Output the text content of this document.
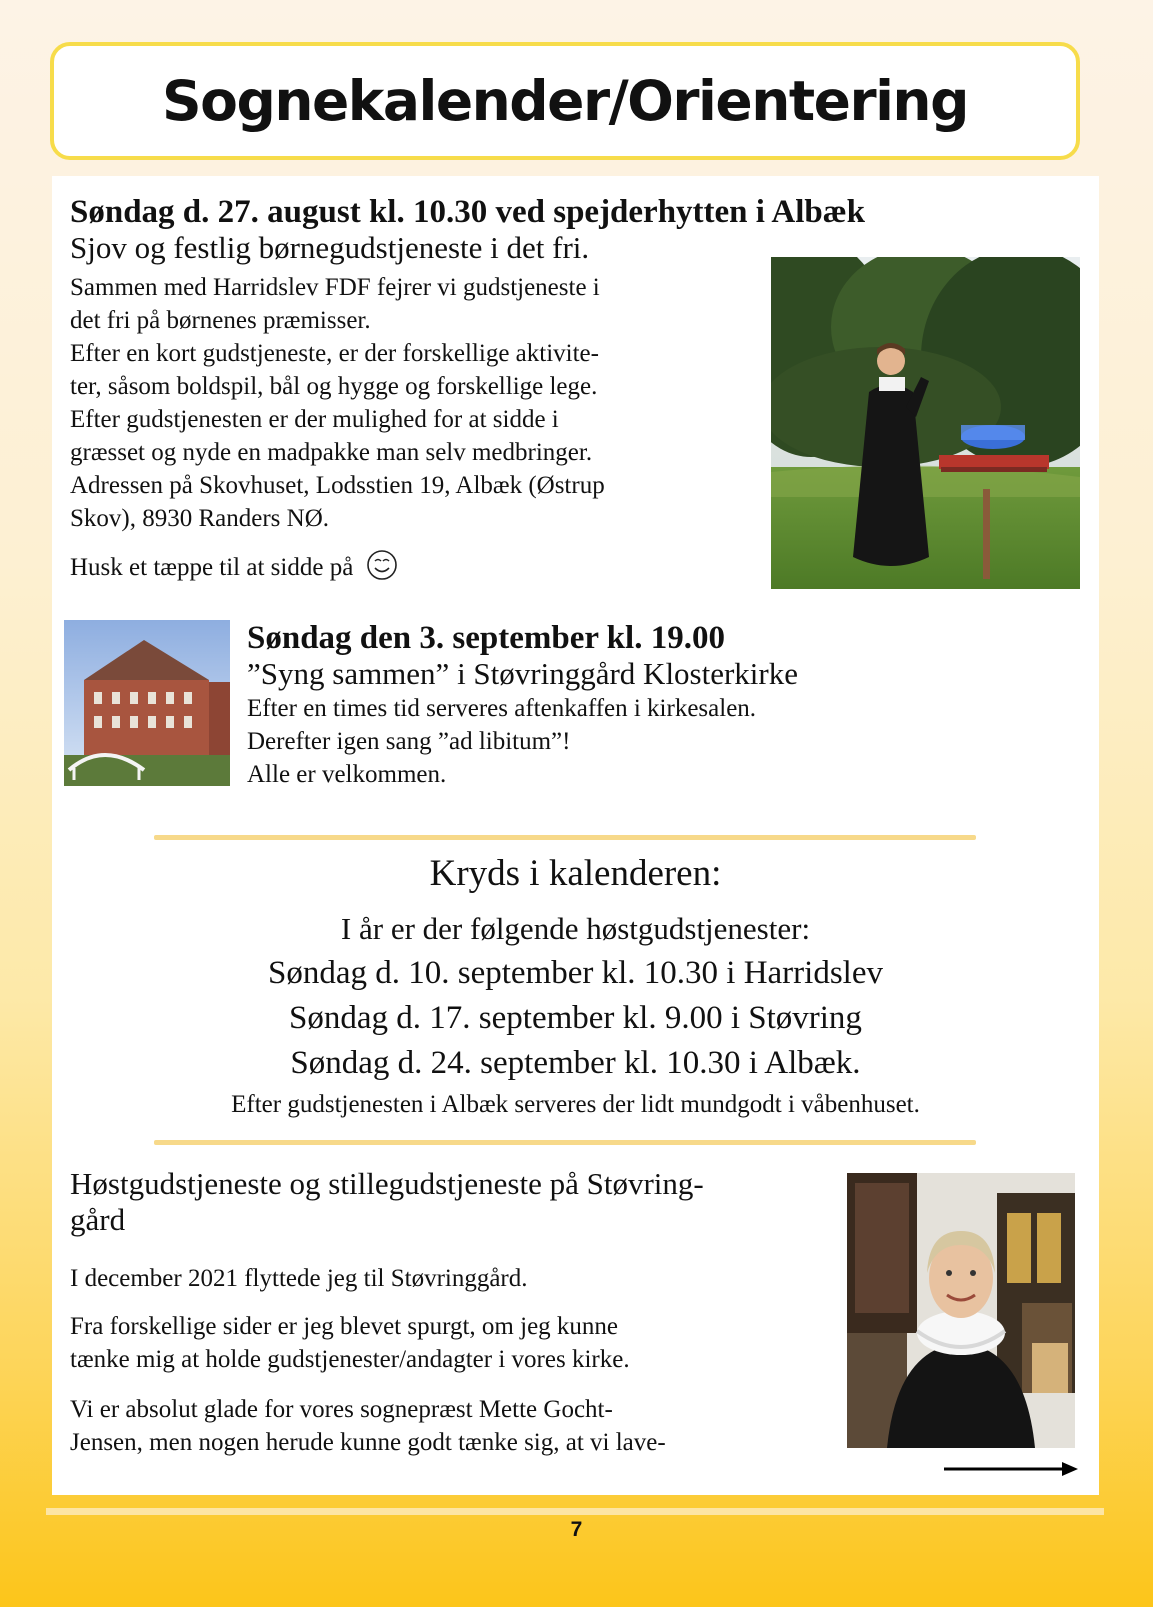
Sognekalender/Orientering
Søndag d. 27. august kl. 10.30 ved spejderhytten i Albæk
Sjov og festlig børnegudstjeneste i det fri.
Sammen med Harridslev FDF fejrer vi gudstjeneste i
det fri på børnenes præmisser.
Efter en kort gudstjeneste, er der forskellige aktivite-
ter, såsom boldspil, bål og hygge og forskellige lege.
Efter gudstjenesten er der mulighed for at sidde i
græsset og nyde en madpakke man selv medbringer.
Adressen på Skovhuset, Lodsstien 19, Albæk (Østrup
Skov), 8930 Randers NØ.
Husk et tæppe til at sidde på
Søndag den 3. september kl. 19.00
”Syng sammen” i Støvringgård Klosterkirke
Efter en times tid serveres aftenkaffen i kirkesalen.
Derefter igen sang ”ad libitum”!
Alle er velkommen.
Kryds i kalenderen:
I år er der følgende høstgudstjenester:
Søndag d. 10. september kl. 10.30 i Harridslev
Søndag d. 17. september kl. 9.00 i Støvring
Søndag d. 24. september kl. 10.30 i Albæk.
Efter gudstjenesten i Albæk serveres der lidt mundgodt i våbenhuset.
Høstgudstjeneste og stillegudstjeneste på Støvring-
gård
I december 2021 flyttede jeg til Støvringgård.
Fra forskellige sider er jeg blevet spurgt, om jeg kunne
tænke mig at holde gudstjenester/andagter i vores kirke.
Vi er absolut glade for vores sognepræst Mette Gocht-
Jensen, men nogen herude kunne godt tænke sig, at vi lave-
7
